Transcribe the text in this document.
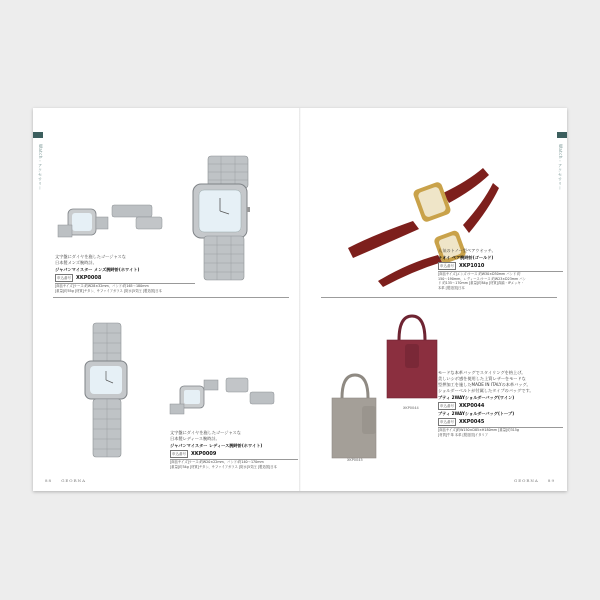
Watch・アクセサリー
88 GEORNA
Watch・アクセサリー
GEORNA 89
文字盤にダイヤを施したゴージャスな
日本製メンズ腕時計。
ジャパンマイスター メンズ腕時計(ホワイト)
申込番号	XKP0008
[商品サイズ]ケース:約W28×32mm、バンド:約165～180mm
[重量]約55g [材質]チタン、サファイアガラス [防水]5気圧 [製造国]日本
文字盤にダイヤを施したゴージャスな
日本製レディース腕時計。
ジャパンマイスター レディース腕時計(ホワイト)
申込番号	XKP0009
[商品サイズ]ケース:約W20×22mm、バンド:約140～170mm
[重量]約34g [材質]チタン、サファイアガラス [防水]5気圧 [製造国]日本
XKP0045
XKP0044
人気のトノー型ペアウオッチ。
キオイ ペア腕時計(ゴールド)
申込番号	XKP1010
[商品サイズ]メンズ:ケース 約W30×D30mm バンド 約
150～190mm、レディース:ケース 約W23×D23mm バン
ド 約135～170mm [重量]約84g [材質]真鍮・IPメッキ・
本革 [製造国]日本
モードな本革バッグでスタイリングを格上げ。
美しいシボ感を使用した上質レザーをモードな
型押加工を施したMADE IN ITALYの本革バッグ。
ショルダーベルトが付属したタイプのバッグです。
プティ 2WAYショルダーバッグ(ワイン)
申込番号	XKP0044
プティ 2WAYショルダーバッグ(トープ)
申込番号	XKP0045
[商品サイズ]約W150×D85×H180mm [重量]約315g
[材質]牛革 本革 [製造国]イタリア
